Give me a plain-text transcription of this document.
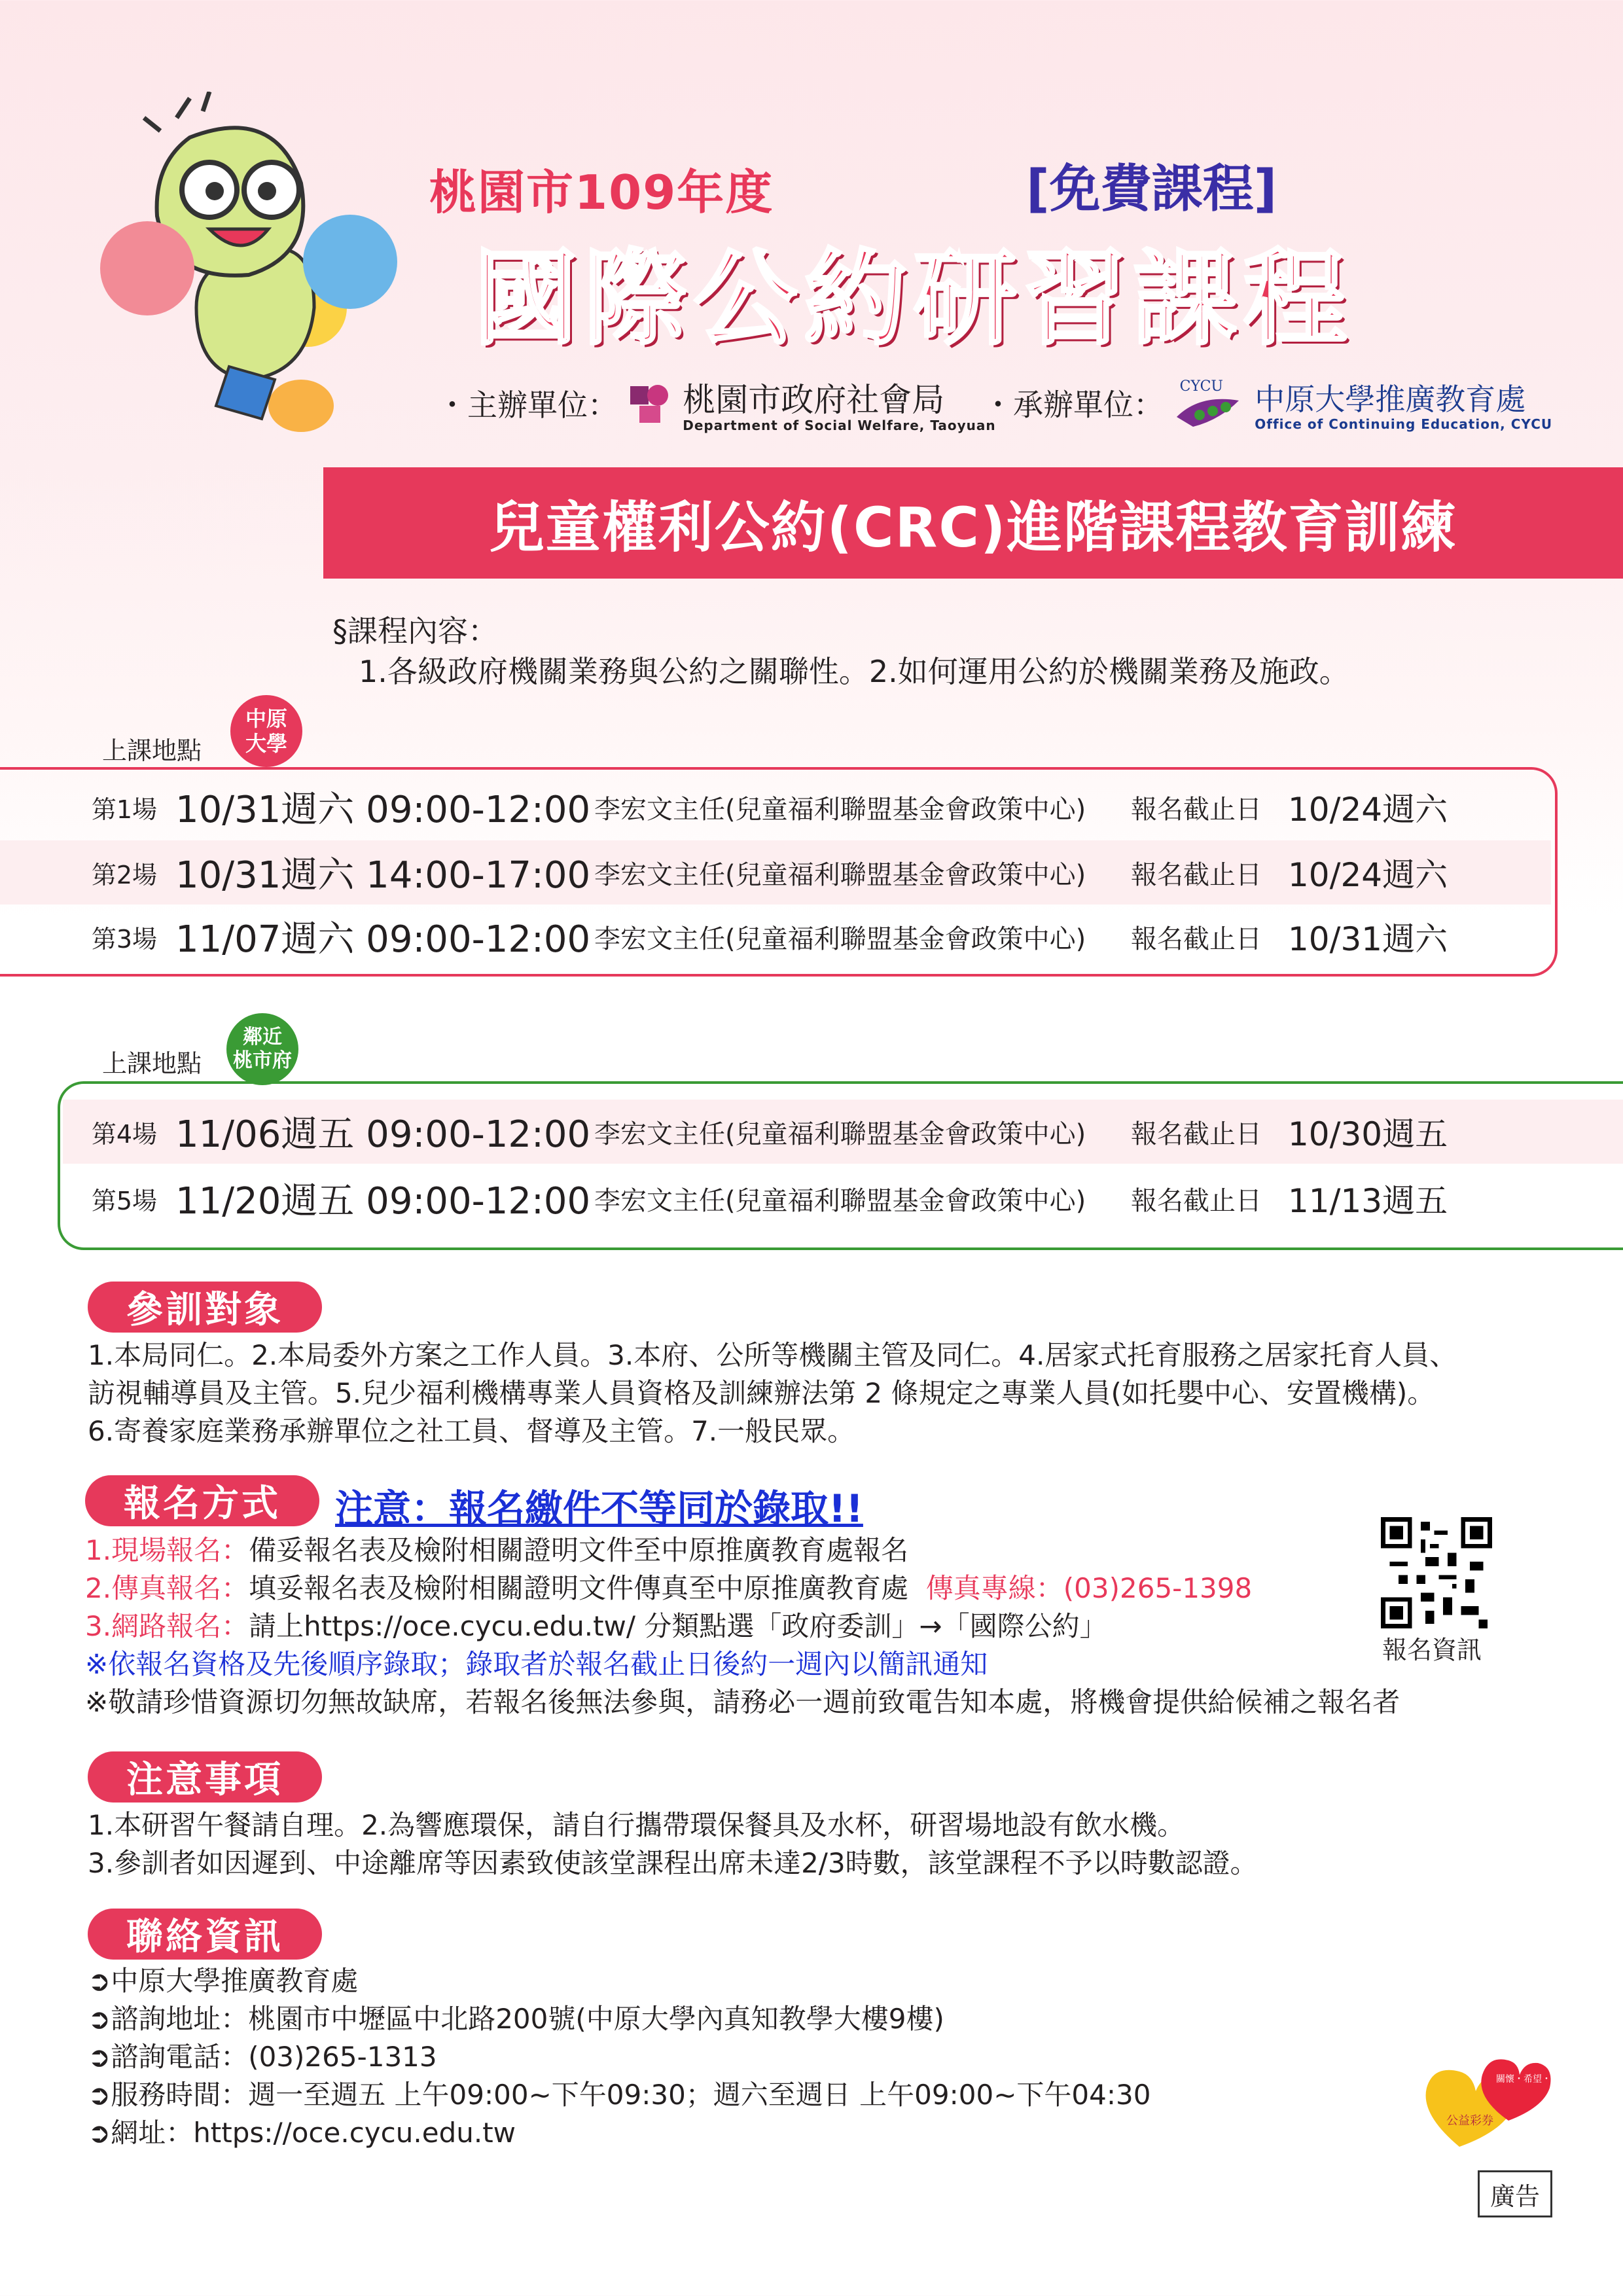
桃園市109年度	[免費課程]
國際公約研習課程
・主辦單位： 桃園市政府社會局
Department of Social Welfare, Taoyuan
・承辦單位：
CYCU
中原大學推廣教育處
Office of Continuing Education, CYCU
兒童權利公約(CRC)進階課程教育訓練
§課程內容：
1.各級政府機關業務與公約之關聯性。2.如何運用公約於機關業務及施政。
上課地點
中原
大學
第1場 10/31週六 09:00-12:00 李宏文主任(兒童福利聯盟基金會政策中心)	報名截止日 10/24週六
第2場 10/31週六 14:00-17:00 李宏文主任(兒童福利聯盟基金會政策中心)	報名截止日 10/24週六
第3場 11/07週六 09:00-12:00 李宏文主任(兒童福利聯盟基金會政策中心)	報名截止日 10/31週六
上課地點
鄰近
桃市府
第4場 11/06週五 09:00-12:00 李宏文主任(兒童福利聯盟基金會政策中心)	報名截止日 10/30週五
第5場 11/20週五 09:00-12:00 李宏文主任(兒童福利聯盟基金會政策中心)	報名截止日 11/13週五
參訓對象
1.本局同仁。2.本局委外方案之工作人員。3.本府、公所等機關主管及同仁。4.居家式托育服務之居家托育人員、
訪視輔導員及主管。5.兒少福利機構專業人員資格及訓練辦法第 2 條規定之專業人員(如托嬰中心、安置機構)。
6.寄養家庭業務承辦單位之社工員、督導及主管。7.一般民眾。
報名方式	注意：報名繳件不等同於錄取!!
1.現場報名：備妥報名表及檢附相關證明文件至中原推廣教育處報名
2.傳真報名：填妥報名表及檢附相關證明文件傳真至中原推廣教育處 傳真專線：(03)265-1398
3.網路報名：請上https://oce.cycu.edu.tw/ 分類點選「政府委訓」→「國際公約」
※依報名資格及先後順序錄取；錄取者於報名截止日後約一週內以簡訊通知
※敬請珍惜資源切勿無故缺席，若報名後無法參與，請務必一週前致電告知本處，將機會提供給候補之報名者
報名資訊
注意事項
1.本研習午餐請自理。2.為響應環保，請自行攜帶環保餐具及水杯，研習場地設有飲水機。
3.參訓者如因遲到、中途離席等因素致使該堂課程出席未達2/3時數，該堂課程不予以時數認證。
聯絡資訊
➲中原大學推廣教育處
➲諮詢地址：桃園市中壢區中北路200號(中原大學內真知教學大樓9樓)
➲諮詢電話：(03)265-1313
➲服務時間：週一至週五 上午09:00~下午09:30；週六至週日 上午09:00~下午04:30
➲網址：https://oce.cycu.edu.tw	公益彩券
關懷・希望・愛
廣告
